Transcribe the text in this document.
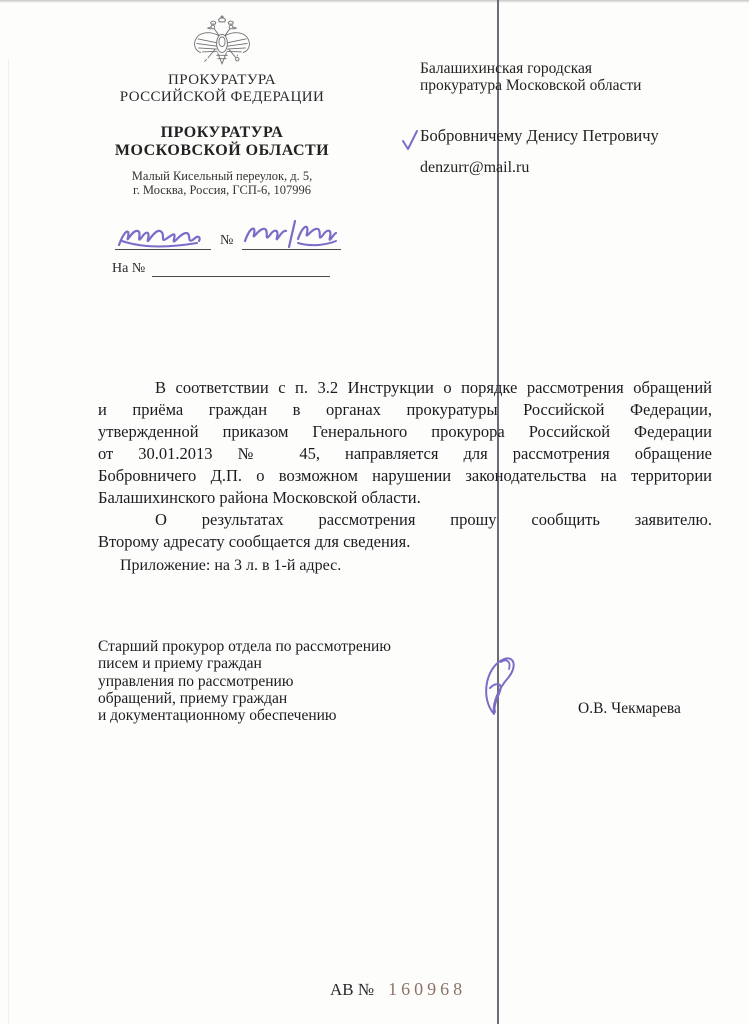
ПРОКУРАТУРА
РОССИЙСКОЙ ФЕДЕРАЦИИ
ПРОКУРАТУРА
МОСКОВСКОЙ ОБЛАСТИ
Малый Кисельный переулок, д. 5,
г. Москва, Россия, ГСП-6, 107996
№
На №
Балашихинская городская
прокуратура Московской области
Бобровничему Денису Петровичу
denzurr@mail.ru
В соответствии с п. 3.2 Инструкции о порядке рассмотрения обращений
и приёма граждан в органах прокуратуры Российской Федерации,
утвержденной приказом Генерального прокурора Российской Федерации
от 30.01.2013 № 45, направляется для рассмотрения обращение
Бобровничего Д.П. о возможном нарушении законодательства на территории
Балашихинского района Московской области.
О результатах рассмотрения прошу сообщить заявителю.
Второму адресату сообщается для сведения.
Приложение: на 3 л. в 1-й адрес.
Старший прокурор отдела по рассмотрению
писем и приему граждан
управления по рассмотрению
обращений, приему граждан
и документационному обеспечению	О.В. Чекмарева
АВ № 160968
